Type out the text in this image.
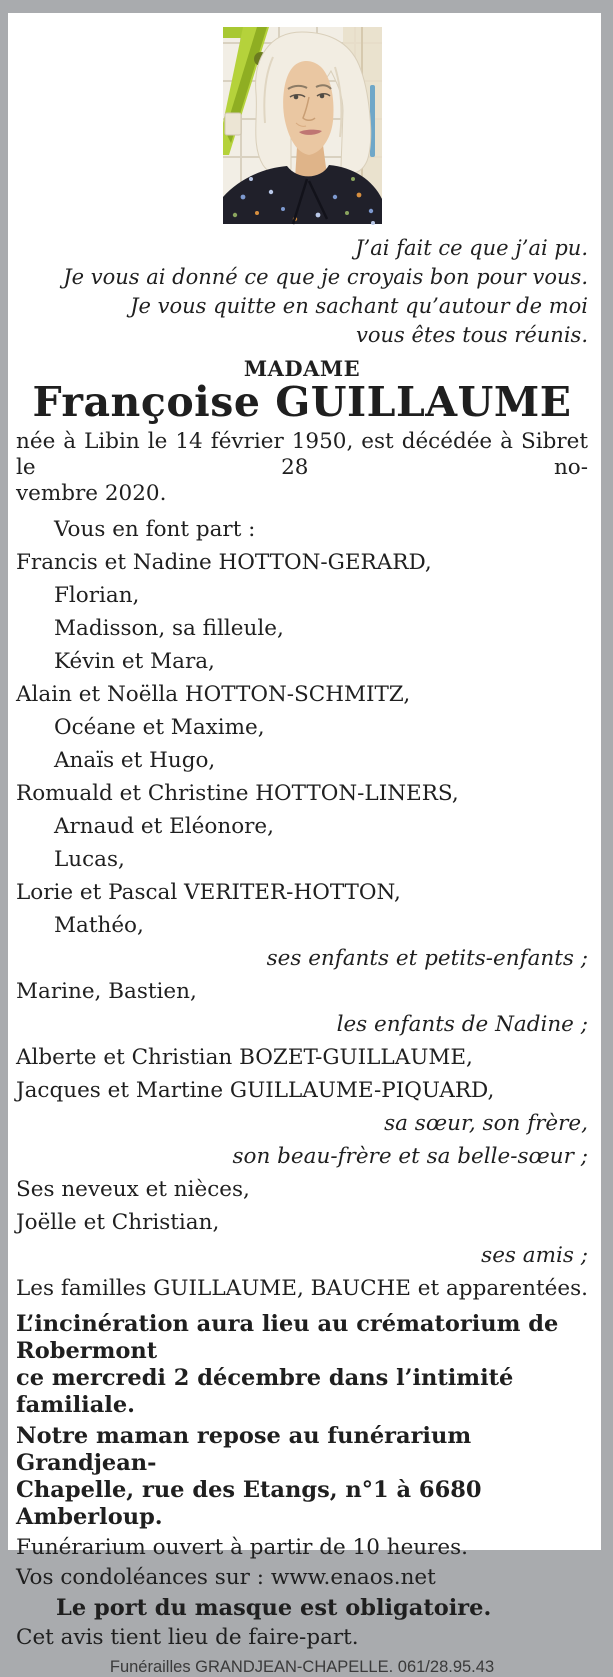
J’ai fait ce que j’ai pu.
Je vous ai donné ce que je croyais bon pour vous.
Je vous quitte en sachant qu’autour de moi
vous êtes tous réunis.
MADAME
Françoise GUILLAUME
née à Libin le 14 février 1950, est décédée à Sibret le 28 no-
vembre 2020.
Vous en font part :
Francis et Nadine HOTTON-GERARD,
Florian,
Madisson, sa filleule,
Kévin et Mara,
Alain et Noëlla HOTTON-SCHMITZ,
Océane et Maxime,
Anaïs et Hugo,
Romuald et Christine HOTTON-LINERS,
Arnaud et Eléonore,
Lucas,
Lorie et Pascal VERITER-HOTTON,
Mathéo,
ses enfants et petits-enfants ;
Marine, Bastien,
les enfants de Nadine ;
Alberte et Christian BOZET-GUILLAUME,
Jacques et Martine GUILLAUME-PIQUARD,
sa sœur, son frère,
son beau-frère et sa belle-sœur ;
Ses neveux et nièces,
Joëlle et Christian,
ses amis ;
Les familles GUILLAUME, BAUCHE et apparentées.
L’incinération aura lieu au crématorium de Robermont
ce mercredi 2 décembre dans l’intimité familiale.
Notre maman repose au funérarium Grandjean-
Chapelle, rue des Etangs, n°1 à 6680 Amberloup.
Funérarium ouvert à partir de 10 heures.
Vos condoléances sur : www.enaos.net
Le port du masque est obligatoire.
Cet avis tient lieu de faire-part.
Funérailles GRANDJEAN-CHAPELLE. 061/28.95.43
